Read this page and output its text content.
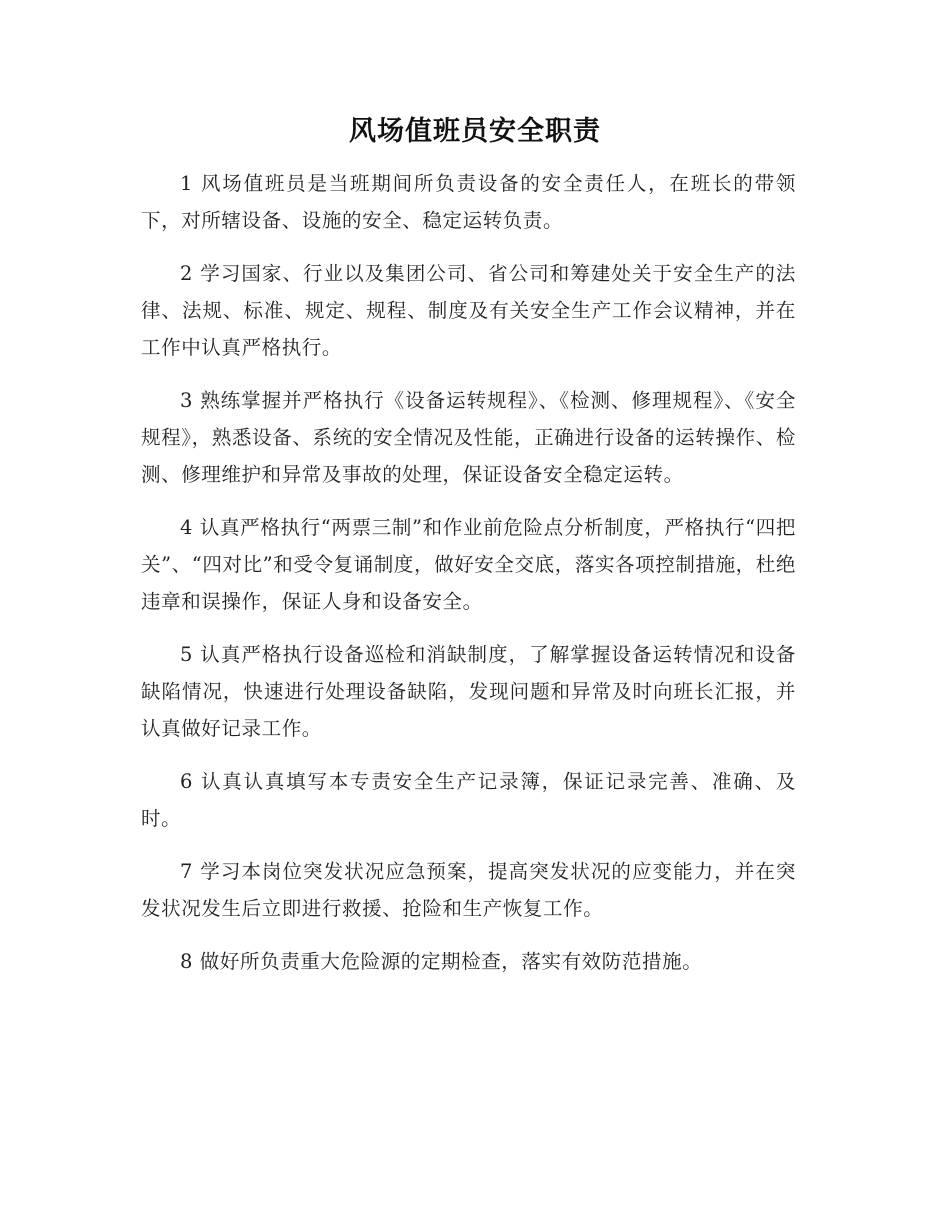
风场值班员安全职责

1 风场值班员是当班期间所负责设备的安全责任人，在班长的带领下，对所辖设备、设施的安全、稳定运转负责。

2 学习国家、行业以及集团公司、省公司和筹建处关于安全生产的法律、法规、标准、规定、规程、制度及有关安全生产工作会议精神，并在工作中认真严格执行。

3 熟练掌握并严格执行《设备运转规程》、《检测、修理规程》、《安全规程》，熟悉设备、系统的安全情况及性能，正确进行设备的运转操作、检测、修理维护和异常及事故的处理，保证设备安全稳定运转。

4 认真严格执行“两票三制”和作业前危险点分析制度，严格执行“四把关”、“四对比”和受令复诵制度，做好安全交底，落实各项控制措施，杜绝违章和误操作，保证人身和设备安全。

5 认真严格执行设备巡检和消缺制度，了解掌握设备运转情况和设备缺陷情况，快速进行处理设备缺陷，发现问题和异常及时向班长汇报，并认真做好记录工作。

6 认真认真填写本专责安全生产记录簿，保证记录完善、准确、及时。

7 学习本岗位突发状况应急预案，提高突发状况的应变能力，并在突发状况发生后立即进行救援、抢险和生产恢复工作。

8 做好所负责重大危险源的定期检查，落实有效防范措施。
